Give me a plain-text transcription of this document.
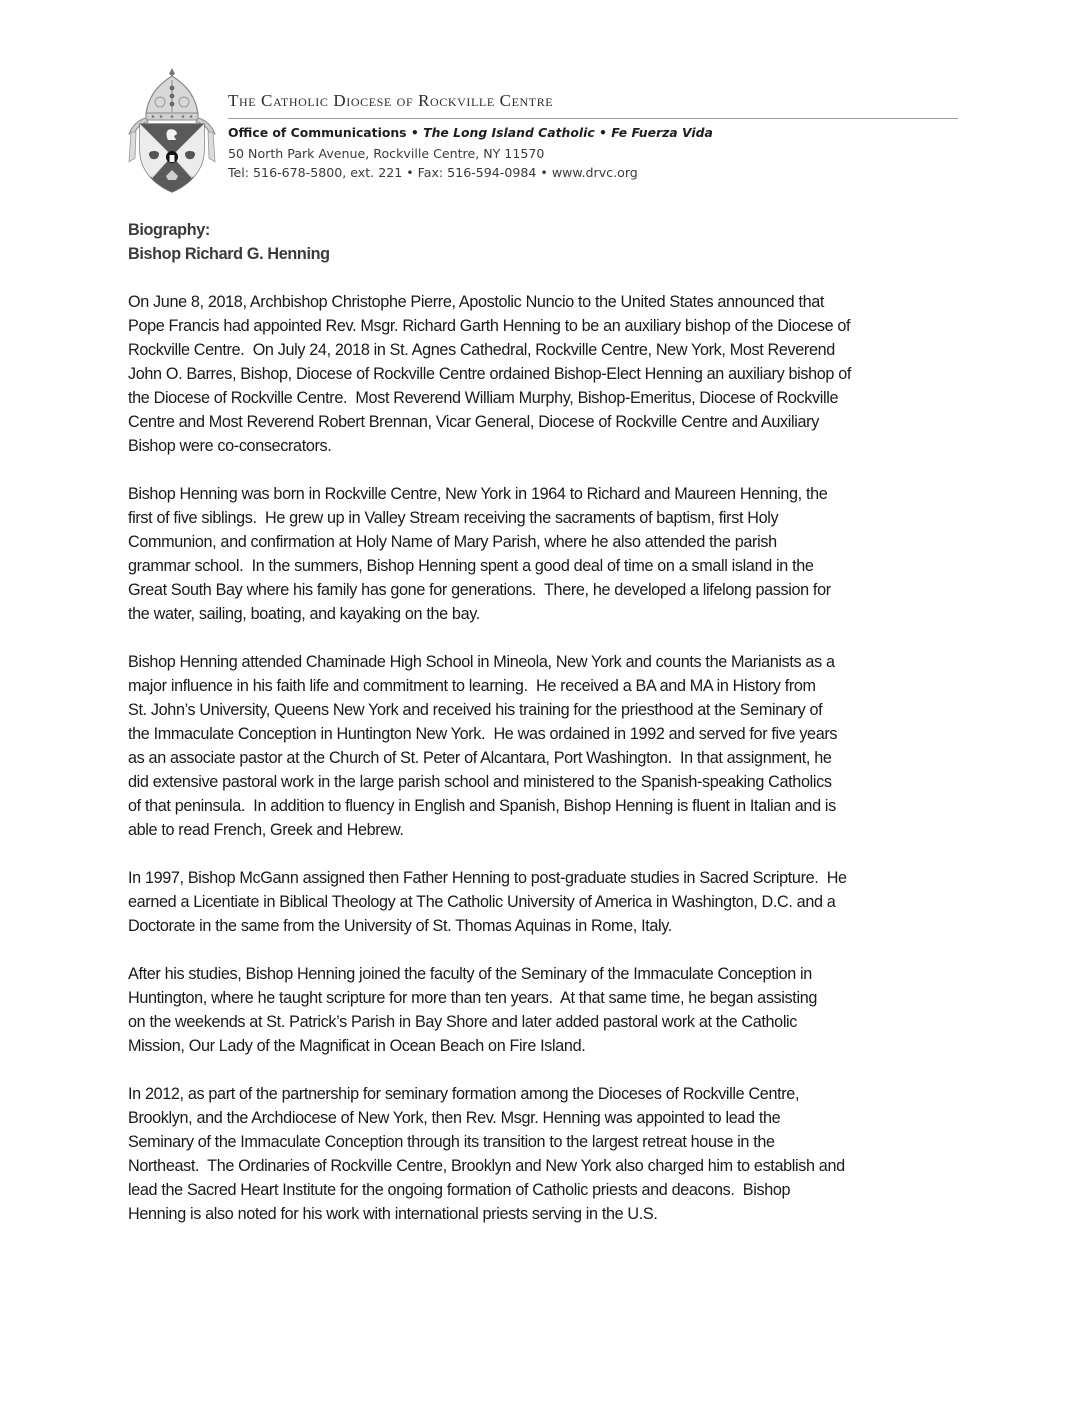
The Catholic Diocese of Rockville Centre
Office of Communications • The Long Island Catholic • Fe Fuerza Vida
50 North Park Avenue, Rockville Centre, NY 11570
Tel: 516-678-5800, ext. 221 • Fax: 516-594-0984 • www.drvc.org
Biography:
Bishop Richard G. Henning

On June 8, 2018, Archbishop Christophe Pierre, Apostolic Nuncio to the United States announced that
Pope Francis had appointed Rev. Msgr. Richard Garth Henning to be an auxiliary bishop of the Diocese of
Rockville Centre.  On July 24, 2018 in St. Agnes Cathedral, Rockville Centre, New York, Most Reverend
John O. Barres, Bishop, Diocese of Rockville Centre ordained Bishop-Elect Henning an auxiliary bishop of
the Diocese of Rockville Centre.  Most Reverend William Murphy, Bishop-Emeritus, Diocese of Rockville
Centre and Most Reverend Robert Brennan, Vicar General, Diocese of Rockville Centre and Auxiliary
Bishop were co-consecrators.

Bishop Henning was born in Rockville Centre, New York in 1964 to Richard and Maureen Henning, the
first of five siblings.  He grew up in Valley Stream receiving the sacraments of baptism, first Holy
Communion, and confirmation at Holy Name of Mary Parish, where he also attended the parish
grammar school.  In the summers, Bishop Henning spent a good deal of time on a small island in the
Great South Bay where his family has gone for generations.  There, he developed a lifelong passion for
the water, sailing, boating, and kayaking on the bay.

Bishop Henning attended Chaminade High School in Mineola, New York and counts the Marianists as a
major influence in his faith life and commitment to learning.  He received a BA and MA in History from
St. John’s University, Queens New York and received his training for the priesthood at the Seminary of
the Immaculate Conception in Huntington New York.  He was ordained in 1992 and served for five years
as an associate pastor at the Church of St. Peter of Alcantara, Port Washington.  In that assignment, he
did extensive pastoral work in the large parish school and ministered to the Spanish-speaking Catholics
of that peninsula.  In addition to fluency in English and Spanish, Bishop Henning is fluent in Italian and is
able to read French, Greek and Hebrew.

In 1997, Bishop McGann assigned then Father Henning to post-graduate studies in Sacred Scripture.  He
earned a Licentiate in Biblical Theology at The Catholic University of America in Washington, D.C. and a
Doctorate in the same from the University of St. Thomas Aquinas in Rome, Italy.

After his studies, Bishop Henning joined the faculty of the Seminary of the Immaculate Conception in
Huntington, where he taught scripture for more than ten years.  At that same time, he began assisting
on the weekends at St. Patrick’s Parish in Bay Shore and later added pastoral work at the Catholic
Mission, Our Lady of the Magnificat in Ocean Beach on Fire Island.

In 2012, as part of the partnership for seminary formation among the Dioceses of Rockville Centre,
Brooklyn, and the Archdiocese of New York, then Rev. Msgr. Henning was appointed to lead the
Seminary of the Immaculate Conception through its transition to the largest retreat house in the
Northeast.  The Ordinaries of Rockville Centre, Brooklyn and New York also charged him to establish and
lead the Sacred Heart Institute for the ongoing formation of Catholic priests and deacons.  Bishop
Henning is also noted for his work with international priests serving in the U.S.
